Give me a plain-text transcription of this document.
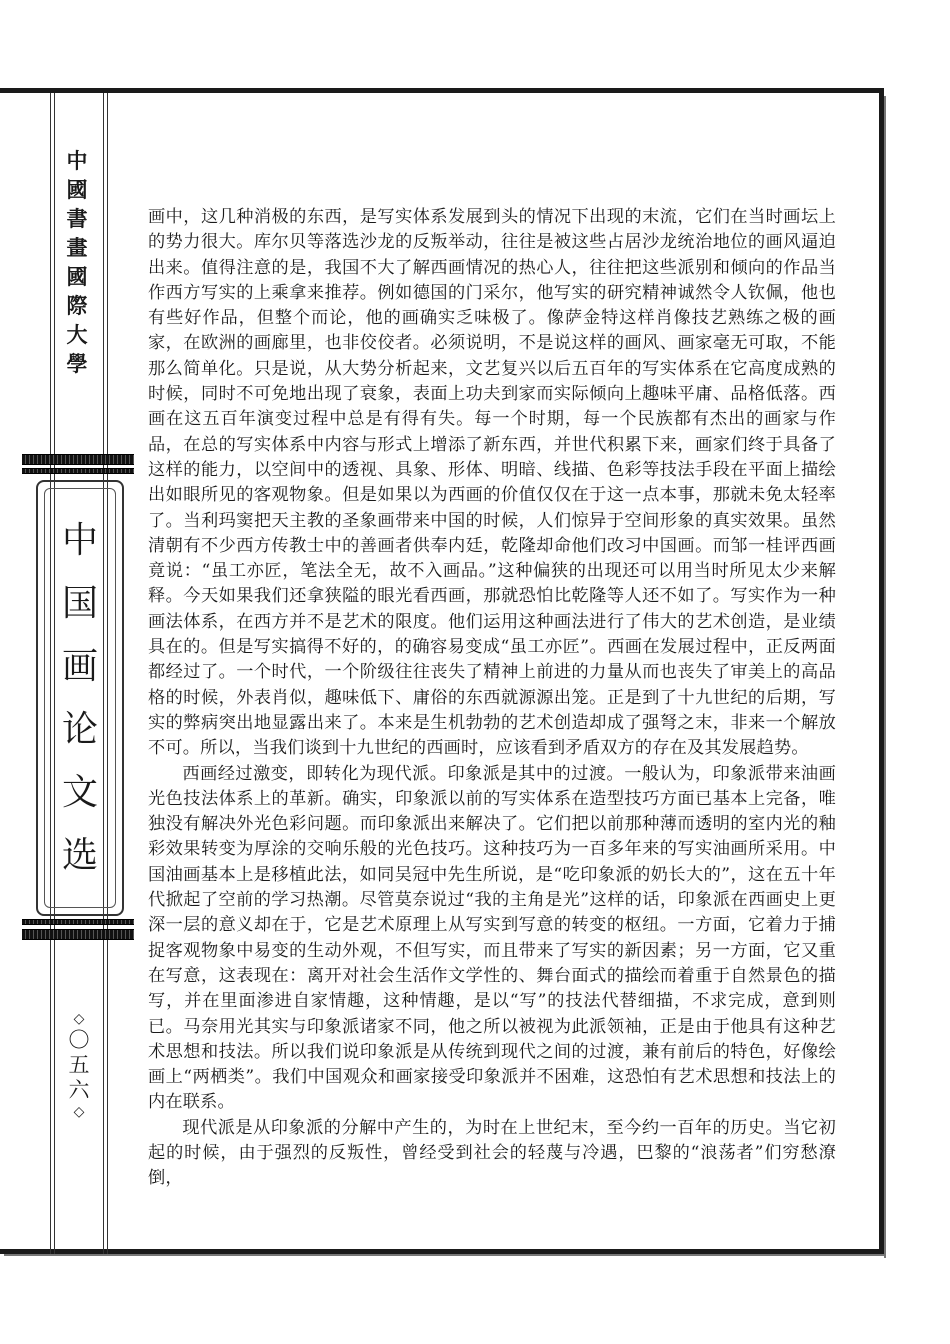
中
國
書
畫
國
際
大
學
中
国
画
论
文
选
◇
〇
五
六
◇

画中，这几种消极的东西，是写实体系发展到头的情况下出现的末流，它们在当时画坛上的势力很大。库尔贝等落选沙龙的反叛举动，往往是被这些占居沙龙统治地位的画风逼迫出来。值得注意的是，我国不大了解西画情况的热心人，往往把这些派别和倾向的作品当作西方写实的上乘拿来推荐。例如德国的门采尔，他写实的研究精神诚然令人钦佩，他也有些好作品，但整个而论，他的画确实乏味极了。像萨金特这样肖像技艺熟练之极的画家，在欧洲的画廊里，也非佼佼者。必须说明，不是说这样的画风、画家毫无可取，不能那么简单化。只是说，从大势分析起来，文艺复兴以后五百年的写实体系在它高度成熟的时候，同时不可免地出现了衰象，表面上功夫到家而实际倾向上趣味平庸、品格低落。西画在这五百年演变过程中总是有得有失。每一个时期，每一个民族都有杰出的画家与作品，在总的写实体系中内容与形式上增添了新东西，并世代积累下来，画家们终于具备了这样的能力，以空间中的透视、具象、形体、明暗、线描、色彩等技法手段在平面上描绘出如眼所见的客观物象。但是如果以为西画的价值仅仅在于这一点本事，那就未免太轻率了。当利玛窦把天主教的圣象画带来中国的时候，人们惊异于空间形象的真实效果。虽然清朝有不少西方传教士中的善画者供奉内廷，乾隆却命他们改习中国画。而邹一桂评西画竟说：“虽工亦匠，笔法全无，故不入画品。”这种偏狭的出现还可以用当时所见太少来解释。今天如果我们还拿狭隘的眼光看西画，那就恐怕比乾隆等人还不如了。写实作为一种画法体系，在西方并不是艺术的限度。他们运用这种画法进行了伟大的艺术创造，是业绩具在的。但是写实搞得不好的，的确容易变成“虽工亦匠”。西画在发展过程中，正反两面都经过了。一个时代，一个阶级往往丧失了精神上前进的力量从而也丧失了审美上的高品格的时候，外表肖似，趣味低下、庸俗的东西就源源出笼。正是到了十九世纪的后期，写实的弊病突出地显露出来了。本来是生机勃勃的艺术创造却成了强弩之末，非来一个解放不可。所以，当我们谈到十九世纪的西画时，应该看到矛盾双方的存在及其发展趋势。

西画经过激变，即转化为现代派。印象派是其中的过渡。一般认为，印象派带来油画光色技法体系上的革新。确实，印象派以前的写实体系在造型技巧方面已基本上完备，唯独没有解决外光色彩问题。而印象派出来解决了。它们把以前那种薄而透明的室内光的釉彩效果转变为厚涂的交响乐般的光色技巧。这种技巧为一百多年来的写实油画所采用。中国油画基本上是移植此法，如同吴冠中先生所说，是“吃印象派的奶长大的”，这在五十年代掀起了空前的学习热潮。尽管莫奈说过“我的主角是光”这样的话，印象派在西画史上更深一层的意义却在于，它是艺术原理上从写实到写意的转变的枢纽。一方面，它着力于捕捉客观物象中易变的生动外观，不但写实，而且带来了写实的新因素；另一方面，它又重在写意，这表现在：离开对社会生活作文学性的、舞台面式的描绘而着重于自然景色的描写，并在里面渗进自家情趣，这种情趣，是以“写”的技法代替细描，不求完成，意到则已。马奈用光其实与印象派诸家不同，他之所以被视为此派领袖，正是由于他具有这种艺术思想和技法。所以我们说印象派是从传统到现代之间的过渡，兼有前后的特色，好像绘画上“两栖类”。我们中国观众和画家接受印象派并不困难，这恐怕有艺术思想和技法上的内在联系。

现代派是从印象派的分解中产生的，为时在上世纪末，至今约一百年的历史。当它初起的时候，由于强烈的反叛性，曾经受到社会的轻蔑与冷遇，巴黎的“浪荡者”们穷愁潦倒，
